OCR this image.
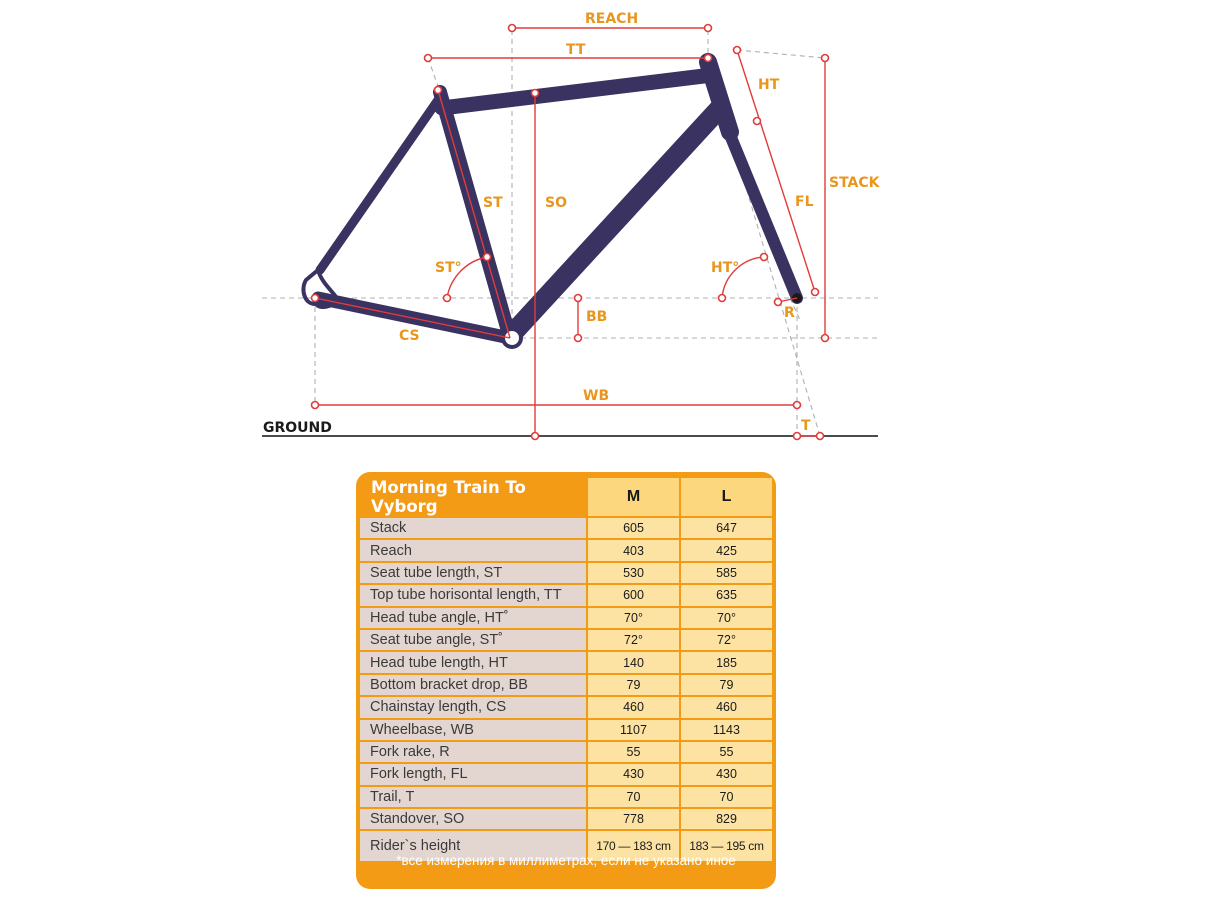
GROUND
REACH
TT
HT
STACK
ST	SO	FL
ST°	HT°
BB	R
CS
WB
T
Morning Train To Vyborg	M	L
Stack	605	647
Reach	403	425
Seat tube length, ST	530	585
Top tube horisontal length, TT	600	635
Head tube angle, HT˚	70°	70°
Seat tube angle, ST˚	72°	72°
Head tube length, HT	140	185
Bottom bracket drop, BB	79	79
Chainstay length, CS	460	460
Wheelbase, WB	1107	1143
Fork rake, R	55	55
Fork length, FL	430	430
Trail, T	70	70
Standover, SO	778	829
Rider`s height	170 — 183 cm	183 — 195 cm
*все измерения в миллиметрах, если не указано иное
